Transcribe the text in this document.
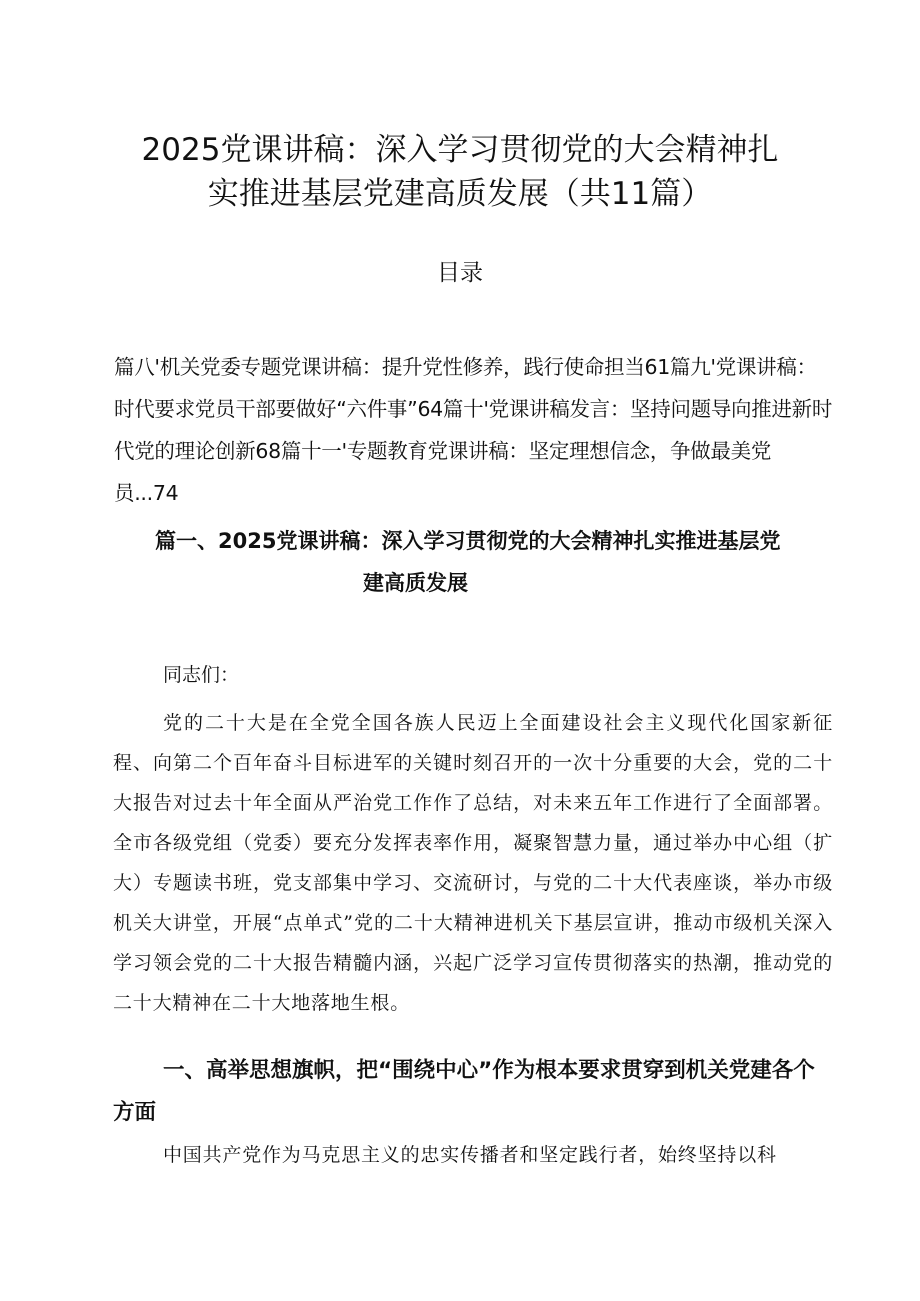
2025党课讲稿：深入学习贯彻党的大会精神扎
实推进基层党建高质发展（共11篇）
目录

篇八'机关党委专题党课讲稿：提升党性修养，践行使命担当61篇九'党课讲稿：时代要求党员干部要做好“六件事”64篇十'党课讲稿发言：坚持问题导向推进新时代党的理论创新68篇十一'专题教育党课讲稿：坚定理想信念，争做最美党员...74

篇一、2025党课讲稿：深入学习贯彻党的大会精神扎实推进基层党
建高质发展
同志们：

党的二十大是在全党全国各族人民迈上全面建设社会主义现代化国家新征程、向第二个百年奋斗目标进军的关键时刻召开的一次十分重要的大会，党的二十大报告对过去十年全面从严治党工作作了总结，对未来五年工作进行了全面部署。全市各级党组（党委）要充分发挥表率作用，凝聚智慧力量，通过举办中心组（扩大）专题读书班，党支部集中学习、交流研讨，与党的二十大代表座谈，举办市级机关大讲堂，开展“点单式”党的二十大精神进机关下基层宣讲，推动市级机关深入学习领会党的二十大报告精髓内涵，兴起广泛学习宣传贯彻落实的热潮，推动党的二十大精神在二十大地落地生根。

一、高举思想旗帜，把“围绕中心”作为根本要求贯穿到机关党建各个方面

中国共产党作为马克思主义的忠实传播者和坚定践行者，始终坚持以科
